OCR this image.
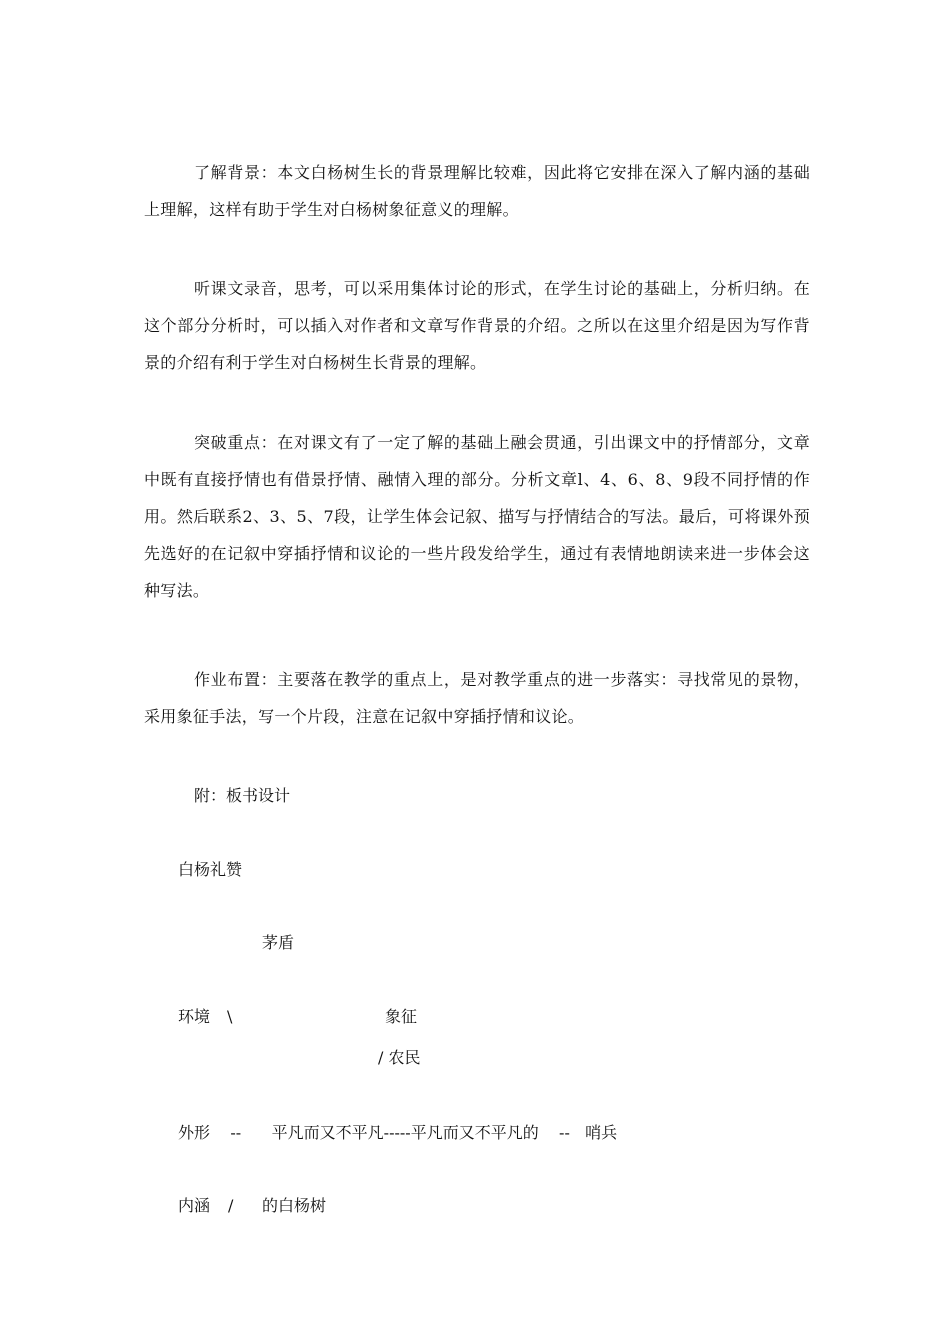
了解背景：本文白杨树生长的背景理解比较难，因此将它安排在深入了解内涵的基础上理解，这样有助于学生对白杨树象征意义的理解。

听课文录音，思考，可以采用集体讨论的形式，在学生讨论的基础上，分析归纳。在这个部分分析时，可以插入对作者和文章写作背景的介绍。之所以在这里介绍是因为写作背景的介绍有利于学生对白杨树生长背景的理解。

突破重点：在对课文有了一定了解的基础上融会贯通，引出课文中的抒情部分，文章中既有直接抒情也有借景抒情、融情入理的部分。分析文章l、4、6、8、9段不同抒情的作用。然后联系2、3、5、7段，让学生体会记叙、描写与抒情结合的写法。最后，可将课外预先选好的在记叙中穿插抒情和议论的一些片段发给学生，通过有表情地朗读来进一步体会这种写法。

作业布置：主要落在教学的重点上，是对教学重点的进一步落实：寻找常见的景物，采用象征手法，写一个片段，注意在记叙中穿插抒情和议论。

附：板书设计
白杨礼赞
茅盾
环境 \	象征
/ 农民
外形    --      平凡而又不平凡-----平凡而又不平凡的    --   哨兵
内涵 / 的白杨树
